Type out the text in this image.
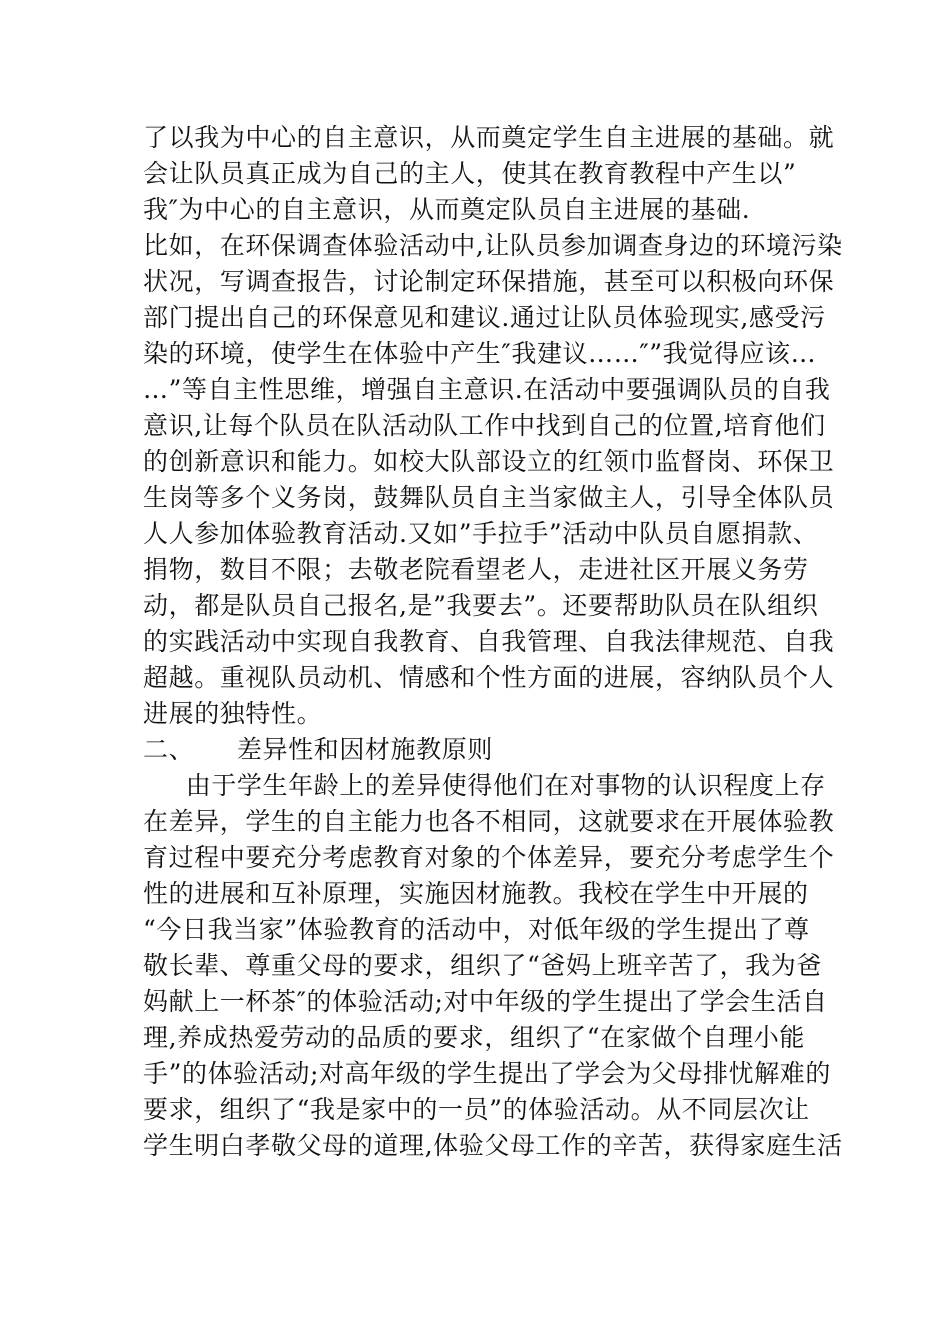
了以我为中心的自主意识，从而奠定学生自主进展的基础。就
会让队员真正成为自己的主人，使其在教育教程中产生以”
我″为中心的自主意识，从而奠定队员自主进展的基础.
比如，在环保调查体验活动中,让队员参加调查身边的环境污染
状况，写调查报告，讨论制定环保措施，甚至可以积极向环保
部门提出自己的环保意见和建议.通过让队员体验现实,感受污
染的环境，使学生在体验中产生″我建议……″”我觉得应该…
…”等自主性思维，增强自主意识.在活动中要强调队员的自我
意识,让每个队员在队活动队工作中找到自己的位置,培育他们
的创新意识和能力。如校大队部设立的红领巾监督岗、环保卫
生岗等多个义务岗，鼓舞队员自主当家做主人，引导全体队员
人人参加体验教育活动.又如”手拉手”活动中队员自愿捐款、
捐物，数目不限；去敬老院看望老人，走进社区开展义务劳
动，都是队员自己报名,是”我要去”。还要帮助队员在队组织
的实践活动中实现自我教育、自我管理、自我法律规范、自我
超越。重视队员动机、情感和个性方面的进展，容纳队员个人
进展的独特性。
二、     差异性和因材施教原则
由于学生年龄上的差异使得他们在对事物的认识程度上存
在差异，学生的自主能力也各不相同，这就要求在开展体验教
育过程中要充分考虑教育对象的个体差异，要充分考虑学生个
性的进展和互补原理，实施因材施教。我校在学生中开展的
“今日我当家”体验教育的活动中，对低年级的学生提出了尊
敬长辈、尊重父母的要求，组织了“爸妈上班辛苦了，我为爸
妈献上一杯茶″的体验活动;对中年级的学生提出了学会生活自
理,养成热爱劳动的品质的要求，组织了“在家做个自理小能
手”的体验活动;对高年级的学生提出了学会为父母排忧解难的
要求，组织了“我是家中的一员”的体验活动。从不同层次让
学生明白孝敬父母的道理,体验父母工作的辛苦，获得家庭生活
